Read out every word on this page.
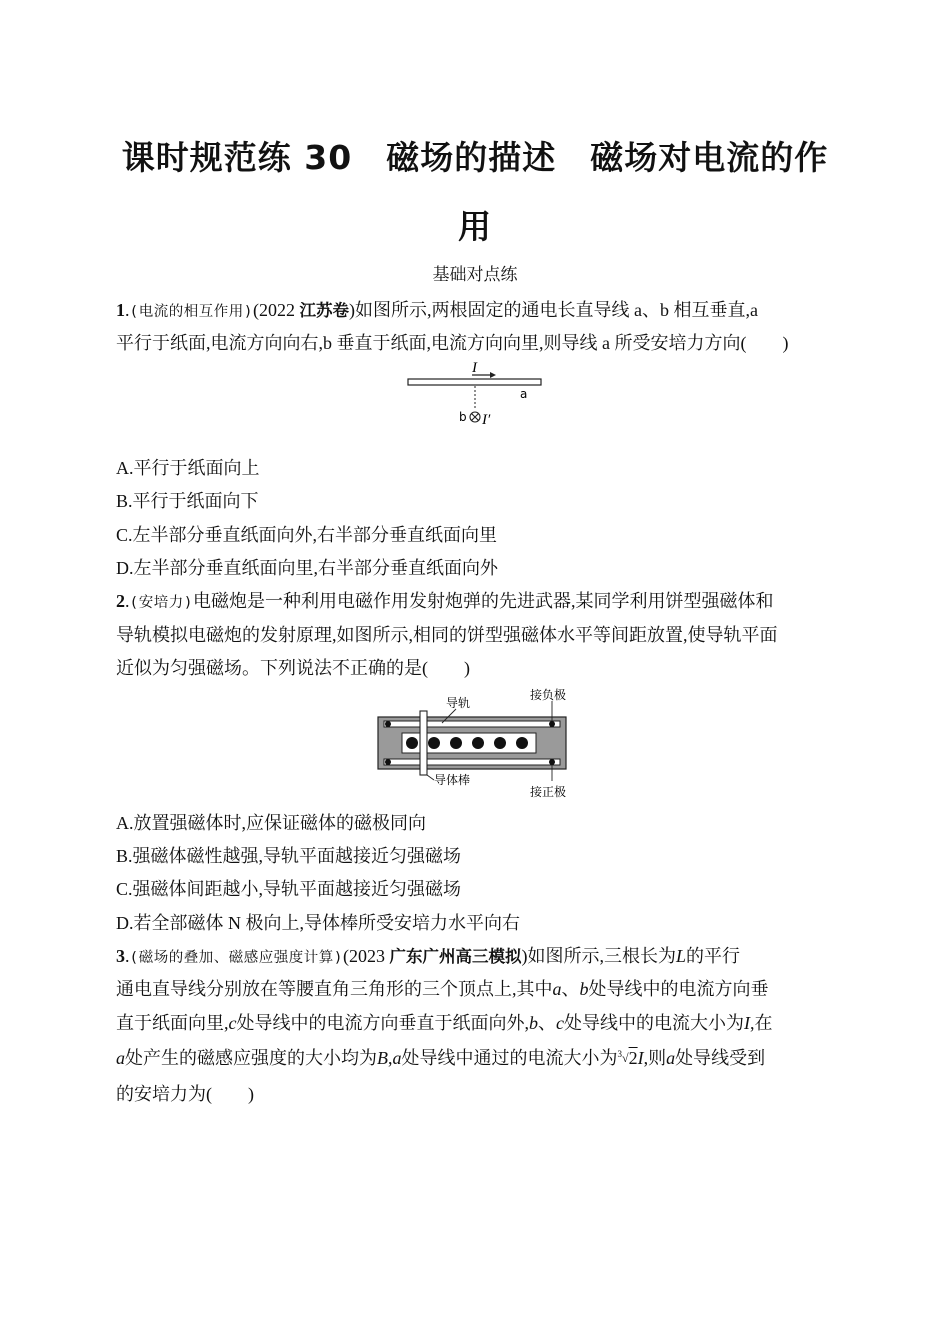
课时规范练 30　磁场的描述　磁场对电流的作
用
基础对点练
1.(电流的相互作用)(2022 江苏卷)如图所示,两根固定的通电长直导线 a、b 相互垂直,a
平行于纸面,电流方向向右,b 垂直于纸面,电流方向向里,则导线 a 所受安培力方向(　　)
I
a
b I′
A.平行于纸面向上
B.平行于纸面向下
C.左半部分垂直纸面向外,右半部分垂直纸面向里
D.左半部分垂直纸面向里,右半部分垂直纸面向外
2.(安培力)电磁炮是一种利用电磁作用发射炮弹的先进武器,某同学利用饼型强磁体和
导轨模拟电磁炮的发射原理,如图所示,相同的饼型强磁体水平等间距放置,使导轨平面
近似为匀强磁场。下列说法不正确的是(　　)
导轨
接负极
导体棒
接正极
A.放置强磁体时,应保证磁体的磁极同向
B.强磁体磁性越强,导轨平面越接近匀强磁场
C.强磁体间距越小,导轨平面越接近匀强磁场
D.若全部磁体 N 极向上,导体棒所受安培力水平向右
3.(磁场的叠加、磁感应强度计算)(2023 广东广州高三模拟)如图所示,三根长为L的平行
通电直导线分别放在等腰直角三角形的三个顶点上,其中a、b处导线中的电流方向垂
直于纸面向里,c处导线中的电流方向垂直于纸面向外,b、c处导线中的电流大小为I,在
a处产生的磁感应强度的大小均为B,a处导线中通过的电流大小为$^3$√2I,则a处导线受到
的安培力为(　　)
